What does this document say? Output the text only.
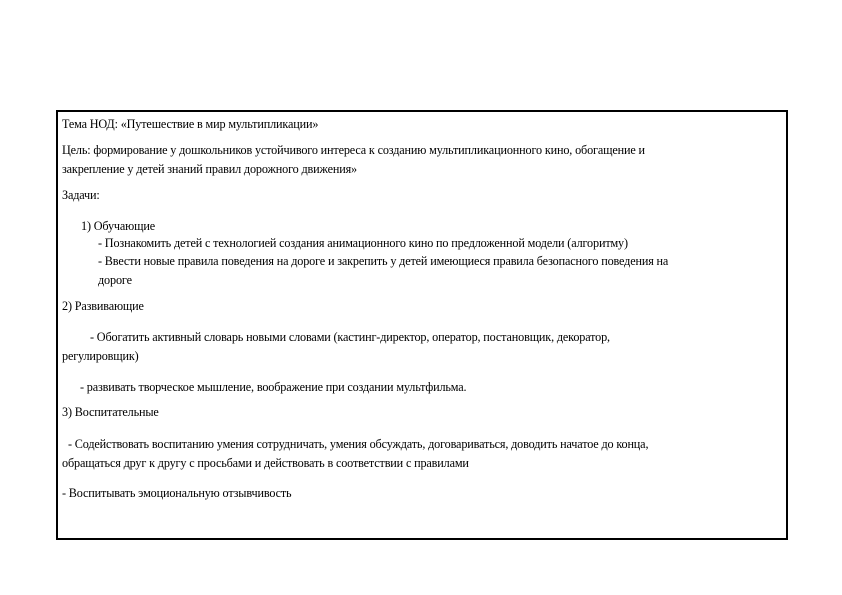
Тема НОД: «Путешествие в мир мультипликации»
Цель: формирование у дошкольников устойчивого интереса к созданию мультипликационного кино, обогащение и
закрепление у детей знаний правил дорожного движения»
Задачи:
1) Обучающие
- Познакомить детей с технологией создания анимационного кино по предложенной модели (алгоритму)
- Ввести новые правила поведения на дороге и закрепить у детей имеющиеся правила безопасного поведения на
дороге
2) Развивающие
- Обогатить активный словарь новыми словами (кастинг-директор, оператор, постановщик, декоратор,
регулировщик)
- развивать творческое мышление, воображение при создании мультфильма.
3) Воспитательные
- Содействовать воспитанию умения сотрудничать, умения обсуждать, договариваться, доводить начатое до конца,
обращаться друг к другу с просьбами и действовать в соответствии с правилами
- Воспитывать эмоциональную отзывчивость
